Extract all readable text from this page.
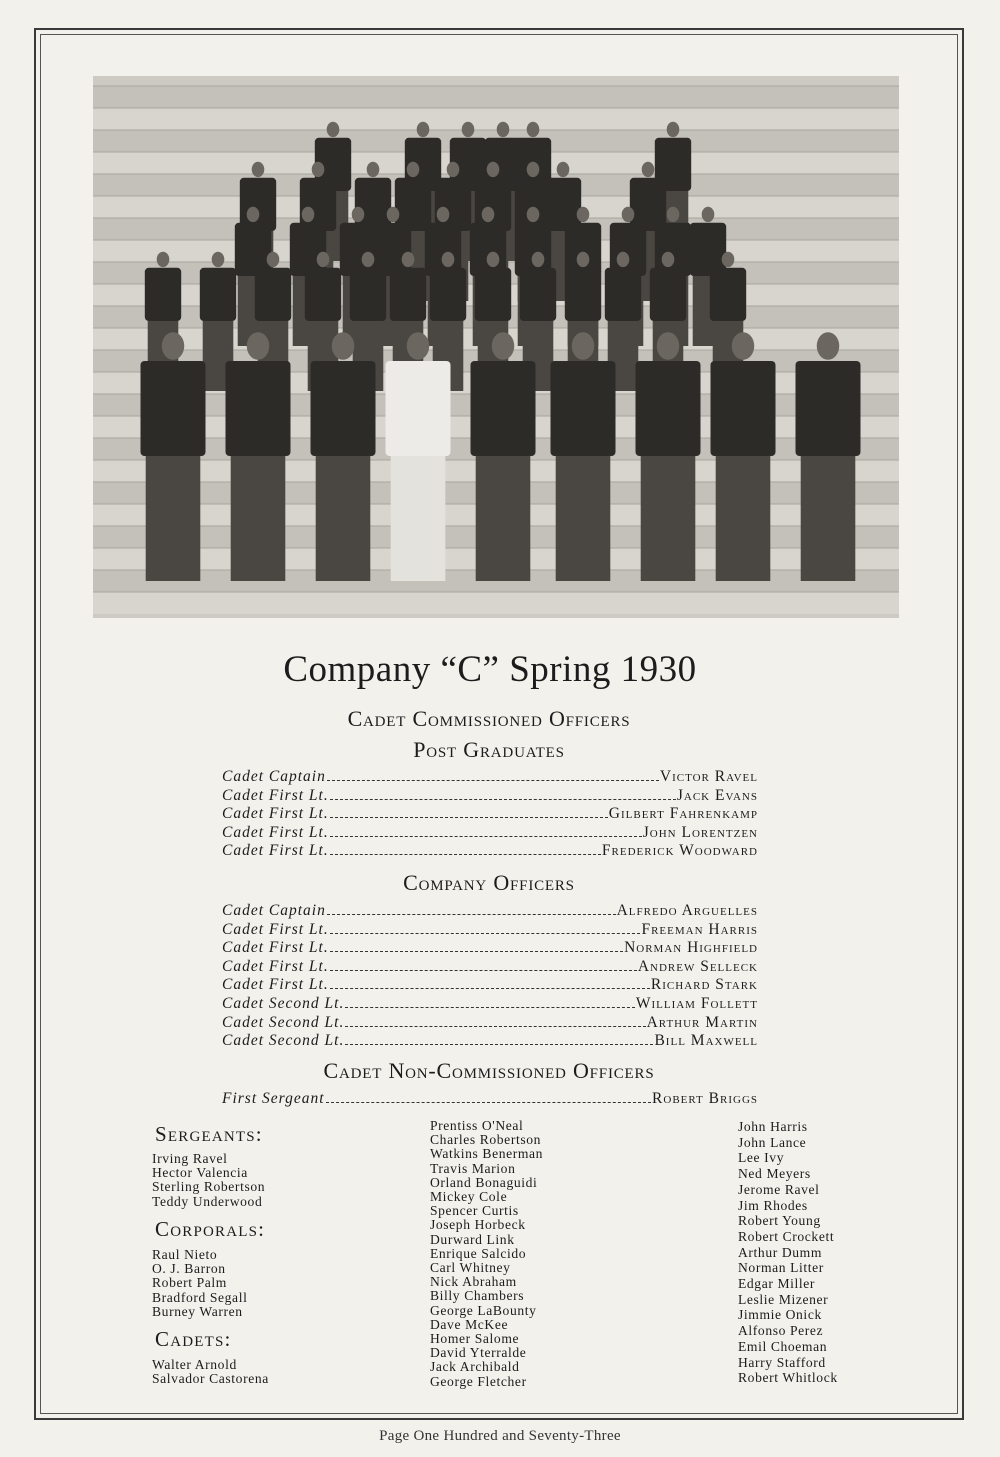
Company “C” Spring 1930
Cadet Commissioned Officers
Post Graduates
Cadet Captain	Victor Ravel
Cadet First Lt.	Jack Evans
Cadet First Lt.	Gilbert Fahrenkamp
Cadet First Lt.	John Lorentzen
Cadet First Lt.	Frederick Woodward
Company Officers
Cadet Captain	Alfredo Arguelles
Cadet First Lt.	Freeman Harris
Cadet First Lt.	Norman Highfield
Cadet First Lt.	Andrew Selleck
Cadet First Lt.	Richard Stark
Cadet Second Lt.	William Follett
Cadet Second Lt.	Arthur Martin
Cadet Second Lt.	Bill Maxwell
Cadet Non-Commissioned Officers
First Sergeant	Robert Briggs
Sergeants:
Irving Ravel
Hector Valencia
Sterling Robertson
Teddy Underwood
Corporals:
Raul Nieto
O. J. Barron
Robert Palm
Bradford Segall
Burney Warren
Cadets:
Walter Arnold
Salvador Castorena
Prentiss O'Neal
Charles Robertson
Watkins Benerman
Travis Marion
Orland Bonaguidi
Mickey Cole
Spencer Curtis
Joseph Horbeck
Durward Link
Enrique Salcido
Carl Whitney
Nick Abraham
Billy Chambers
George LaBounty
Dave McKee
Homer Salome
David Yterralde
Jack Archibald
George Fletcher
John Harris
John Lance
Lee Ivy
Ned Meyers
Jerome Ravel
Jim Rhodes
Robert Young
Robert Crockett
Arthur Dumm
Norman Litter
Edgar Miller
Leslie Mizener
Jimmie Onick
Alfonso Perez
Emil Choeman
Harry Stafford
Robert Whitlock
Page One Hundred and Seventy-Three
